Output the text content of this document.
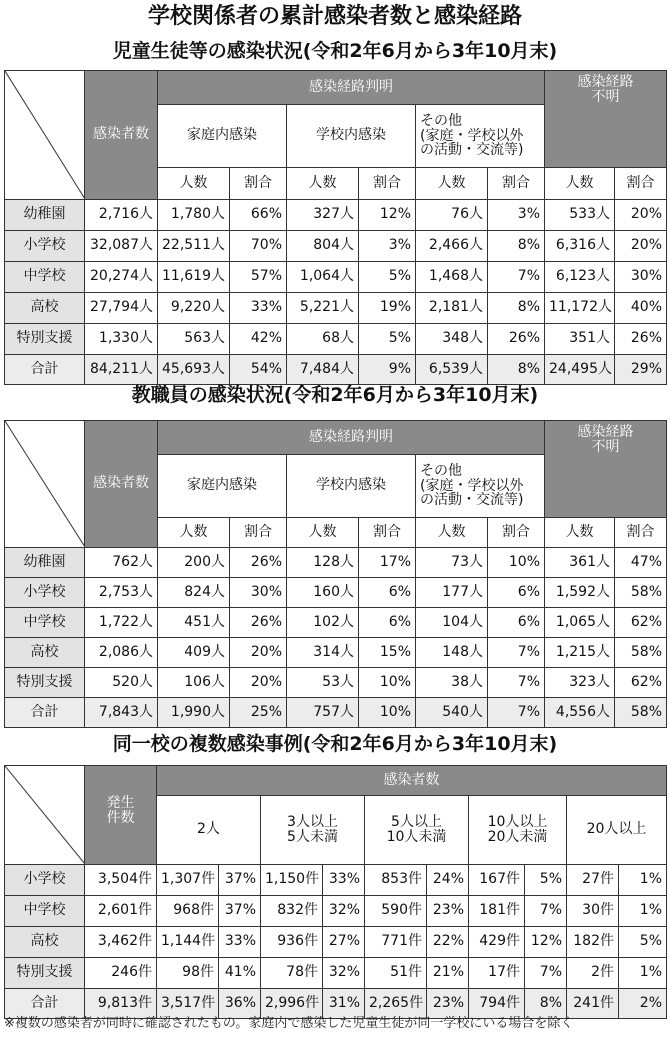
学校関係者の累計感染者数と感染経路
児童生徒等の感染状況(令和2年6月から3年10月末)
	感染者数	感染経路判明						感染経路
不明	
		家庭内感染		学校内感染		その他
(家庭・学校以外
の活動・交流等)			
		人数	割合	人数	割合	人数	割合	人数	割合
幼稚園	2,716人	1,780人	66%	327人	12%	76人	3%	533人	20%
小学校	32,087人	22,511人	70%	804人	3%	2,466人	8%	6,316人	20%
中学校	20,274人	11,619人	57%	1,064人	5%	1,468人	7%	6,123人	30%
高校	27,794人	9,220人	33%	5,221人	19%	2,181人	8%	11,172人	40%
特別支援	1,330人	563人	42%	68人	5%	348人	26%	351人	26%
合計	84,211人	45,693人	54%	7,484人	9%	6,539人	8%	24,495人	29%
教職員の感染状況(令和2年6月から3年10月末)
	感染者数	感染経路判明						感染経路
不明	
		家庭内感染		学校内感染		その他
(家庭・学校以外
の活動・交流等)			
		人数	割合	人数	割合	人数	割合	人数	割合
幼稚園	762人	200人	26%	128人	17%	73人	10%	361人	47%
小学校	2,753人	824人	30%	160人	6%	177人	6%	1,592人	58%
中学校	1,722人	451人	26%	102人	6%	104人	6%	1,065人	62%
高校	2,086人	409人	20%	314人	15%	148人	7%	1,215人	58%
特別支援	520人	106人	20%	53人	10%	38人	7%	323人	62%
合計	7,843人	1,990人	25%	757人	10%	540人	7%	4,556人	58%
同一校の複数感染事例(令和2年6月から3年10月末)
	発生
件数	感染者数									
		2人		3人以上
5人未満		5人以上
10人未満		10人以上
20人未満		20人以上	
小学校	3,504件	1,307件	37%	1,150件	33%	853件	24%	167件	5%	27件	1%
中学校	2,601件	968件	37%	832件	32%	590件	23%	181件	7%	30件	1%
高校	3,462件	1,144件	33%	936件	27%	771件	22%	429件	12%	182件	5%
特別支援	246件	98件	41%	78件	32%	51件	21%	17件	7%	2件	1%
合計	9,813件	3,517件	36%	2,996件	31%	2,265件	23%	794件	8%	241件	2%
※複数の感染者が同時に確認されたもの。家庭内で感染した児童生徒が同一学校にいる場合を除く
